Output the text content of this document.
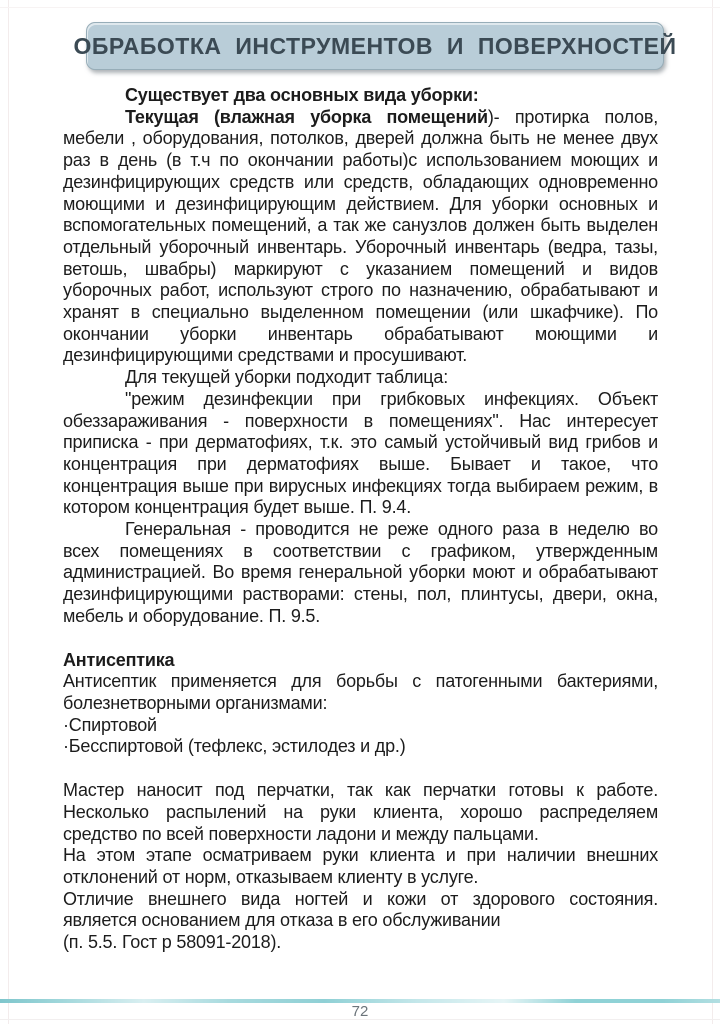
ОБРАБОТКА ИНСТРУМЕНТОВ И ПОВЕРХНОСТЕЙ
Существует два основных вида уборки:
Текущая (влажная уборка помещений)- протирка полов, мебели , оборудования, потолков, дверей должна быть не менее двух раз в день (в т.ч по окончании работы)с использованием моющих и дезинфицирующих средств или средств, обладающих одновременно моющими и дезинфицирующим действием. Для уборки основных и вспомогательных помещений, а так же санузлов должен быть выделен отдельный уборочный инвентарь. Уборочный инвентарь (ведра, тазы, ветошь, швабры) маркируют с указанием помещений и видов уборочных работ, используют строго по назначению, обрабатывают и хранят в специально выделенном помещении (или шкафчике). По окончании уборки инвентарь обрабатывают моющими и дезинфицирующими средствами и просушивают.
Для текущей уборки подходит таблица:
"режим дезинфекции при грибковых инфекциях. Объект обеззараживания - поверхности в помещениях". Нас интересует приписка - при дерматофиях, т.к. это самый устойчивый вид грибов и концентрация при дерматофиях выше. Бывает и такое, что концентрация выше при вирусных инфекциях тогда выбираем режим, в котором концентрация будет выше. П. 9.4.
Генеральная - проводится не реже одного раза в неделю во всех помещениях в соответствии с графиком, утвержденным администрацией. Во время генеральной уборки моют и обрабатывают дезинфицирующими растворами: стены, пол, плинтусы, двери, окна, мебель и оборудование. П. 9.5.
Антисептика
Антисептик применяется для борьбы с патогенными бактериями, болезнетворными организмами:
·Спиртовой
·Бесспиртовой (тефлекс, эстилодез и др.)
Мастер наносит под перчатки, так как перчатки готовы к работе. Несколько распылений на руки клиента, хорошо распределяем средство по всей поверхности ладони и между пальцами.
На этом этапе осматриваем руки клиента и при наличии внешних отклонений от норм, отказываем клиенту в услуге.
Отличие внешнего вида ногтей и кожи от здорового состояния. является основанием для отказа в его обслуживании
(п. 5.5. Гост р 58091-2018).
72
